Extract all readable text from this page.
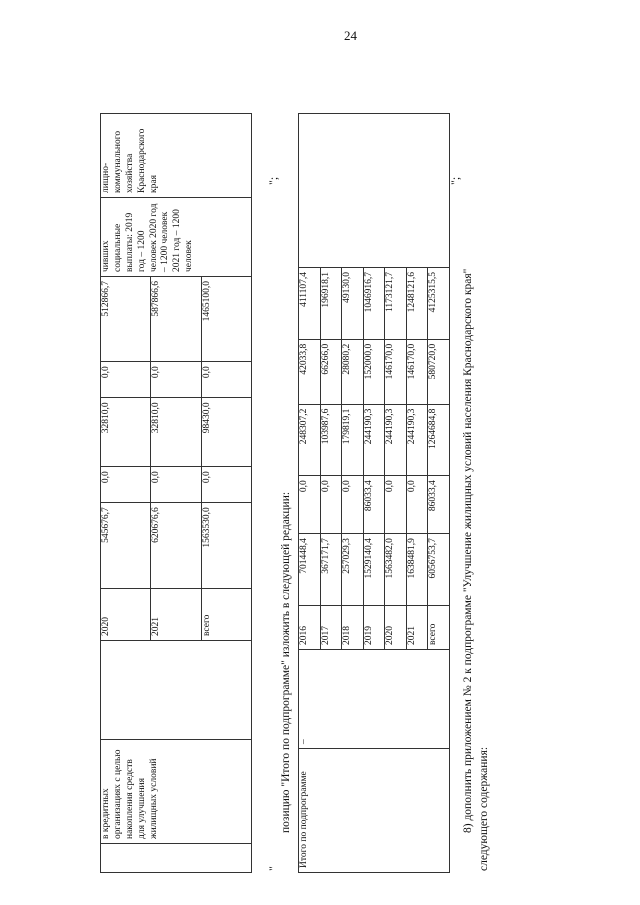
24
	в кредитных организациях с целью накопления средств для улучшения жилищных условий		2020	545676,7	0,0	32810,0	0,0	512866,7	чивших социальные выплаты: 2019 год – 1200 человек 2020 год – 1200 человек 2021 год – 1200 человек	лищно-коммунального хозяйства Краснодарского края
			2021	620676,6	0,0	32810,0	0,0	587866,6		
			всего	1563530,0	0,0	98430,0	0,0	1465100,0		
";
позицию "Итого по подпрограмме" изложить в следующей редакции:
"
Итого по подпрограмме	–	2016	701448,4	0,0	248307,2	42033,8	411107,4	
		2017	367171,7	0,0	103987,6	66266,0	196918,1	
		2018	257029,3	0,0	179819,1	28080,2	49130,0	
		2019	1529140,4	86033,4	244190,3	152000,0	1046916,7	
		2020	1563482,0	0,0	244190,3	146170,0	1173121,7	
		2021	1638481,9	0,0	244190,3	146170,0	1248121,6	
		всего	6056753,7	86033,4	1264684,8	580720,0	4125315,5	
";
8) дополнить приложением № 2 к подпрограмме "Улучшение жилищных условий населения Краснодарского края" следующего содержания:
